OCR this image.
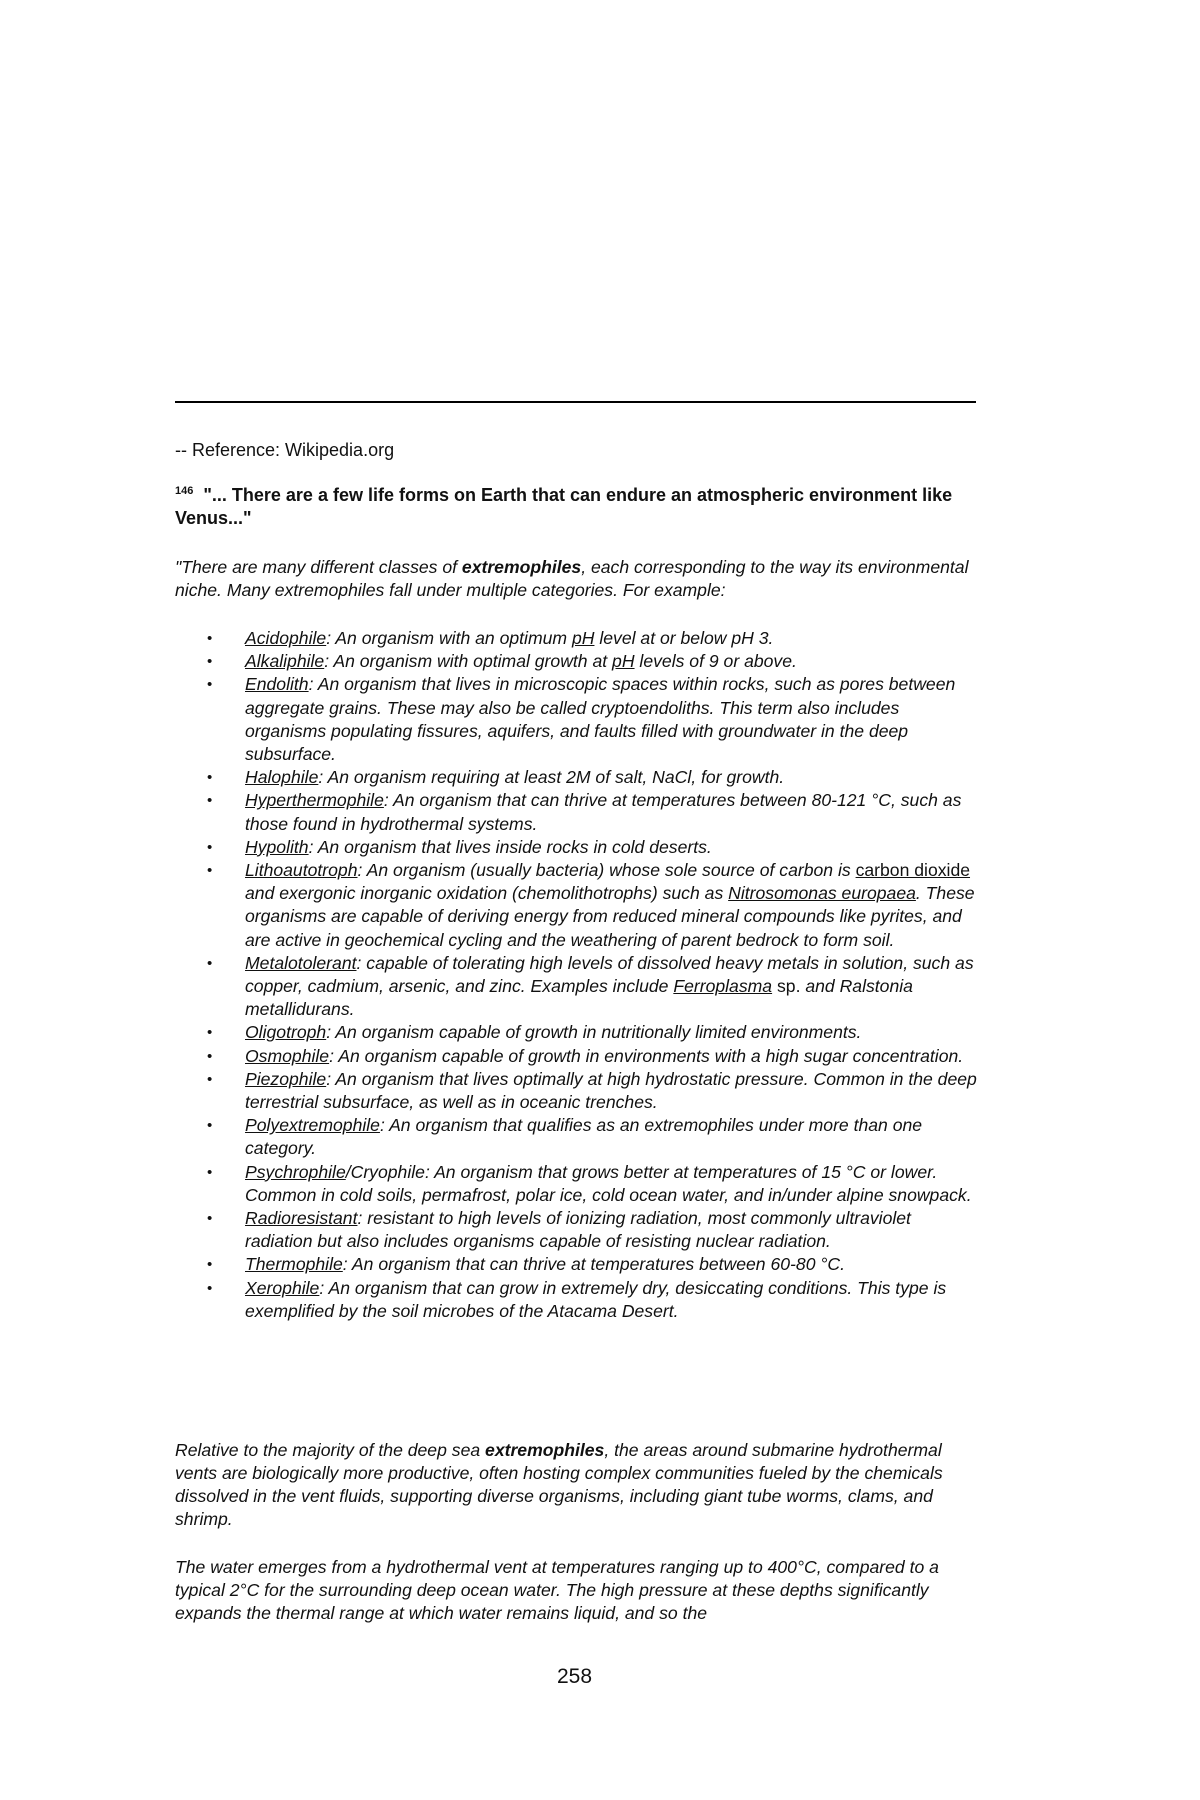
-- Reference: Wikipedia.org
$^{146}$ "... There are a few life forms on Earth that can endure an atmospheric environment like Venus..."
"There are many different classes of extremophiles, each corresponding to the way its environmental niche. Many extremophiles fall under multiple categories. For example:
• Acidophile: An organism with an optimum pH level at or below pH 3.
• Alkaliphile: An organism with optimal growth at pH levels of 9 or above.
• Endolith: An organism that lives in microscopic spaces within rocks, such as pores between aggregate grains. These may also be called cryptoendoliths. This term also includes organisms populating fissures, aquifers, and faults filled with groundwater in the deep subsurface.
• Halophile: An organism requiring at least 2M of salt, NaCl, for growth.
• Hyperthermophile: An organism that can thrive at temperatures between 80-121 °C, such as those found in hydrothermal systems.
• Hypolith: An organism that lives inside rocks in cold deserts.
• Lithoautotroph: An organism (usually bacteria) whose sole source of carbon is carbon dioxide and exergonic inorganic oxidation (chemolithotrophs) such as Nitrosomonas europaea. These organisms are capable of deriving energy from reduced mineral compounds like pyrites, and are active in geochemical cycling and the weathering of parent bedrock to form soil.
• Metalotolerant: capable of tolerating high levels of dissolved heavy metals in solution, such as copper, cadmium, arsenic, and zinc. Examples include Ferroplasma sp. and Ralstonia metallidurans.
• Oligotroph: An organism capable of growth in nutritionally limited environments.
• Osmophile: An organism capable of growth in environments with a high sugar concentration.
• Piezophile: An organism that lives optimally at high hydrostatic pressure. Common in the deep terrestrial subsurface, as well as in oceanic trenches.
• Polyextremophile: An organism that qualifies as an extremophiles under more than one category.
• Psychrophile/Cryophile: An organism that grows better at temperatures of 15 °C or lower. Common in cold soils, permafrost, polar ice, cold ocean water, and in/under alpine snowpack.
• Radioresistant: resistant to high levels of ionizing radiation, most commonly ultraviolet radiation but also includes organisms capable of resisting nuclear radiation.
• Thermophile: An organism that can thrive at temperatures between 60-80 °C.
• Xerophile: An organism that can grow in extremely dry, desiccating conditions. This type is exemplified by the soil microbes of the Atacama Desert.
Relative to the majority of the deep sea extremophiles, the areas around submarine hydrothermal vents are biologically more productive, often hosting complex communities fueled by the chemicals dissolved in the vent fluids, supporting diverse organisms, including giant tube worms, clams, and shrimp.
The water emerges from a hydrothermal vent at temperatures ranging up to 400°C, compared to a typical 2°C for the surrounding deep ocean water. The high pressure at these depths significantly expands the thermal range at which water remains liquid, and so the
258
